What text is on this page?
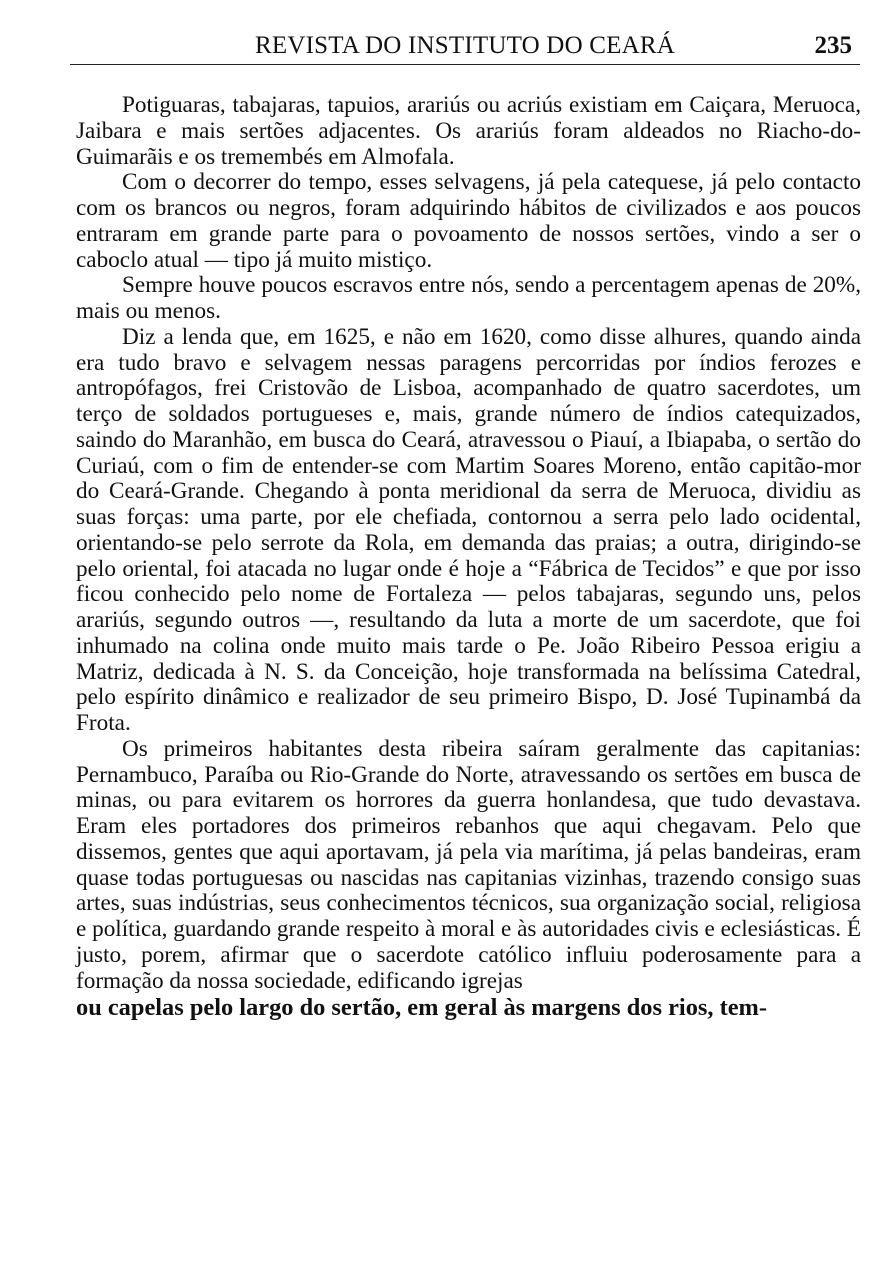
REVISTA DO INSTITUTO DO CEARÁ	235

Potiguaras, tabajaras, tapuios, arariús ou acriús existiam em Caiçara, Meruoca, Jaibara e mais sertões adjacentes. Os arariús foram aldeados no Riacho-do-Guimarãis e os tremembés em Almofala.

Com o decorrer do tempo, esses selvagens, já pela catequese, já pelo contacto com os brancos ou negros, foram adquirindo hábitos de civilizados e aos poucos entraram em grande parte para o povoamento de nossos sertões, vindo a ser o caboclo atual — tipo já muito mistiço.

Sempre houve poucos escravos entre nós, sendo a percentagem apenas de 20%, mais ou menos.

Diz a lenda que, em 1625, e não em 1620, como disse alhures, quando ainda era tudo bravo e selvagem nessas paragens percorridas por índios ferozes e antropófagos, frei Cristovão de Lisboa, acompanhado de quatro sacerdotes, um terço de soldados portugueses e, mais, grande número de índios catequizados, saindo do Maranhão, em busca do Ceará, atravessou o Piauí, a Ibiapaba, o sertão do Curiaú, com o fim de entender-se com Martim Soares Moreno, então capitão-mor do Ceará-Grande. Chegando à ponta meridional da serra de Meruoca, dividiu as suas forças: uma parte, por ele chefiada, contornou a serra pelo lado ocidental, orientando-se pelo serrote da Rola, em demanda das praias; a outra, dirigindo-se pelo oriental, foi atacada no lugar onde é hoje a “Fábrica de Tecidos” e que por isso ficou conhecido pelo nome de Fortaleza — pelos tabajaras, segundo uns, pelos arariús, segundo outros —, resultando da luta a morte de um sacerdote, que foi inhumado na colina onde muito mais tarde o Pe. João Ribeiro Pessoa erigiu a Matriz, dedicada à N. S. da Conceição, hoje transformada na belíssima Catedral, pelo espírito dinâmico e realizador de seu primeiro Bispo, D. José Tupinambá da Frota.

Os primeiros habitantes desta ribeira saíram geralmente das capitanias: Pernambuco, Paraíba ou Rio-Grande do Norte, atravessando os sertões em busca de minas, ou para evitarem os horrores da guerra honlandesa, que tudo devastava. Eram eles portadores dos primeiros rebanhos que aqui chegavam. Pelo que dissemos, gentes que aqui aportavam, já pela via marítima, já pelas bandeiras, eram quase todas portuguesas ou nascidas nas capitanias vizinhas, trazendo consigo suas artes, suas indústrias, seus conhecimentos técnicos, sua organização social, religiosa e política, guardando grande respeito à moral e às autoridades civis e eclesiásticas. É justo, porem, afirmar que o sacerdote católico influiu poderosamente para a formação da nossa sociedade, edificando igrejas

ou capelas pelo largo do sertão, em geral às margens dos rios, tem-
